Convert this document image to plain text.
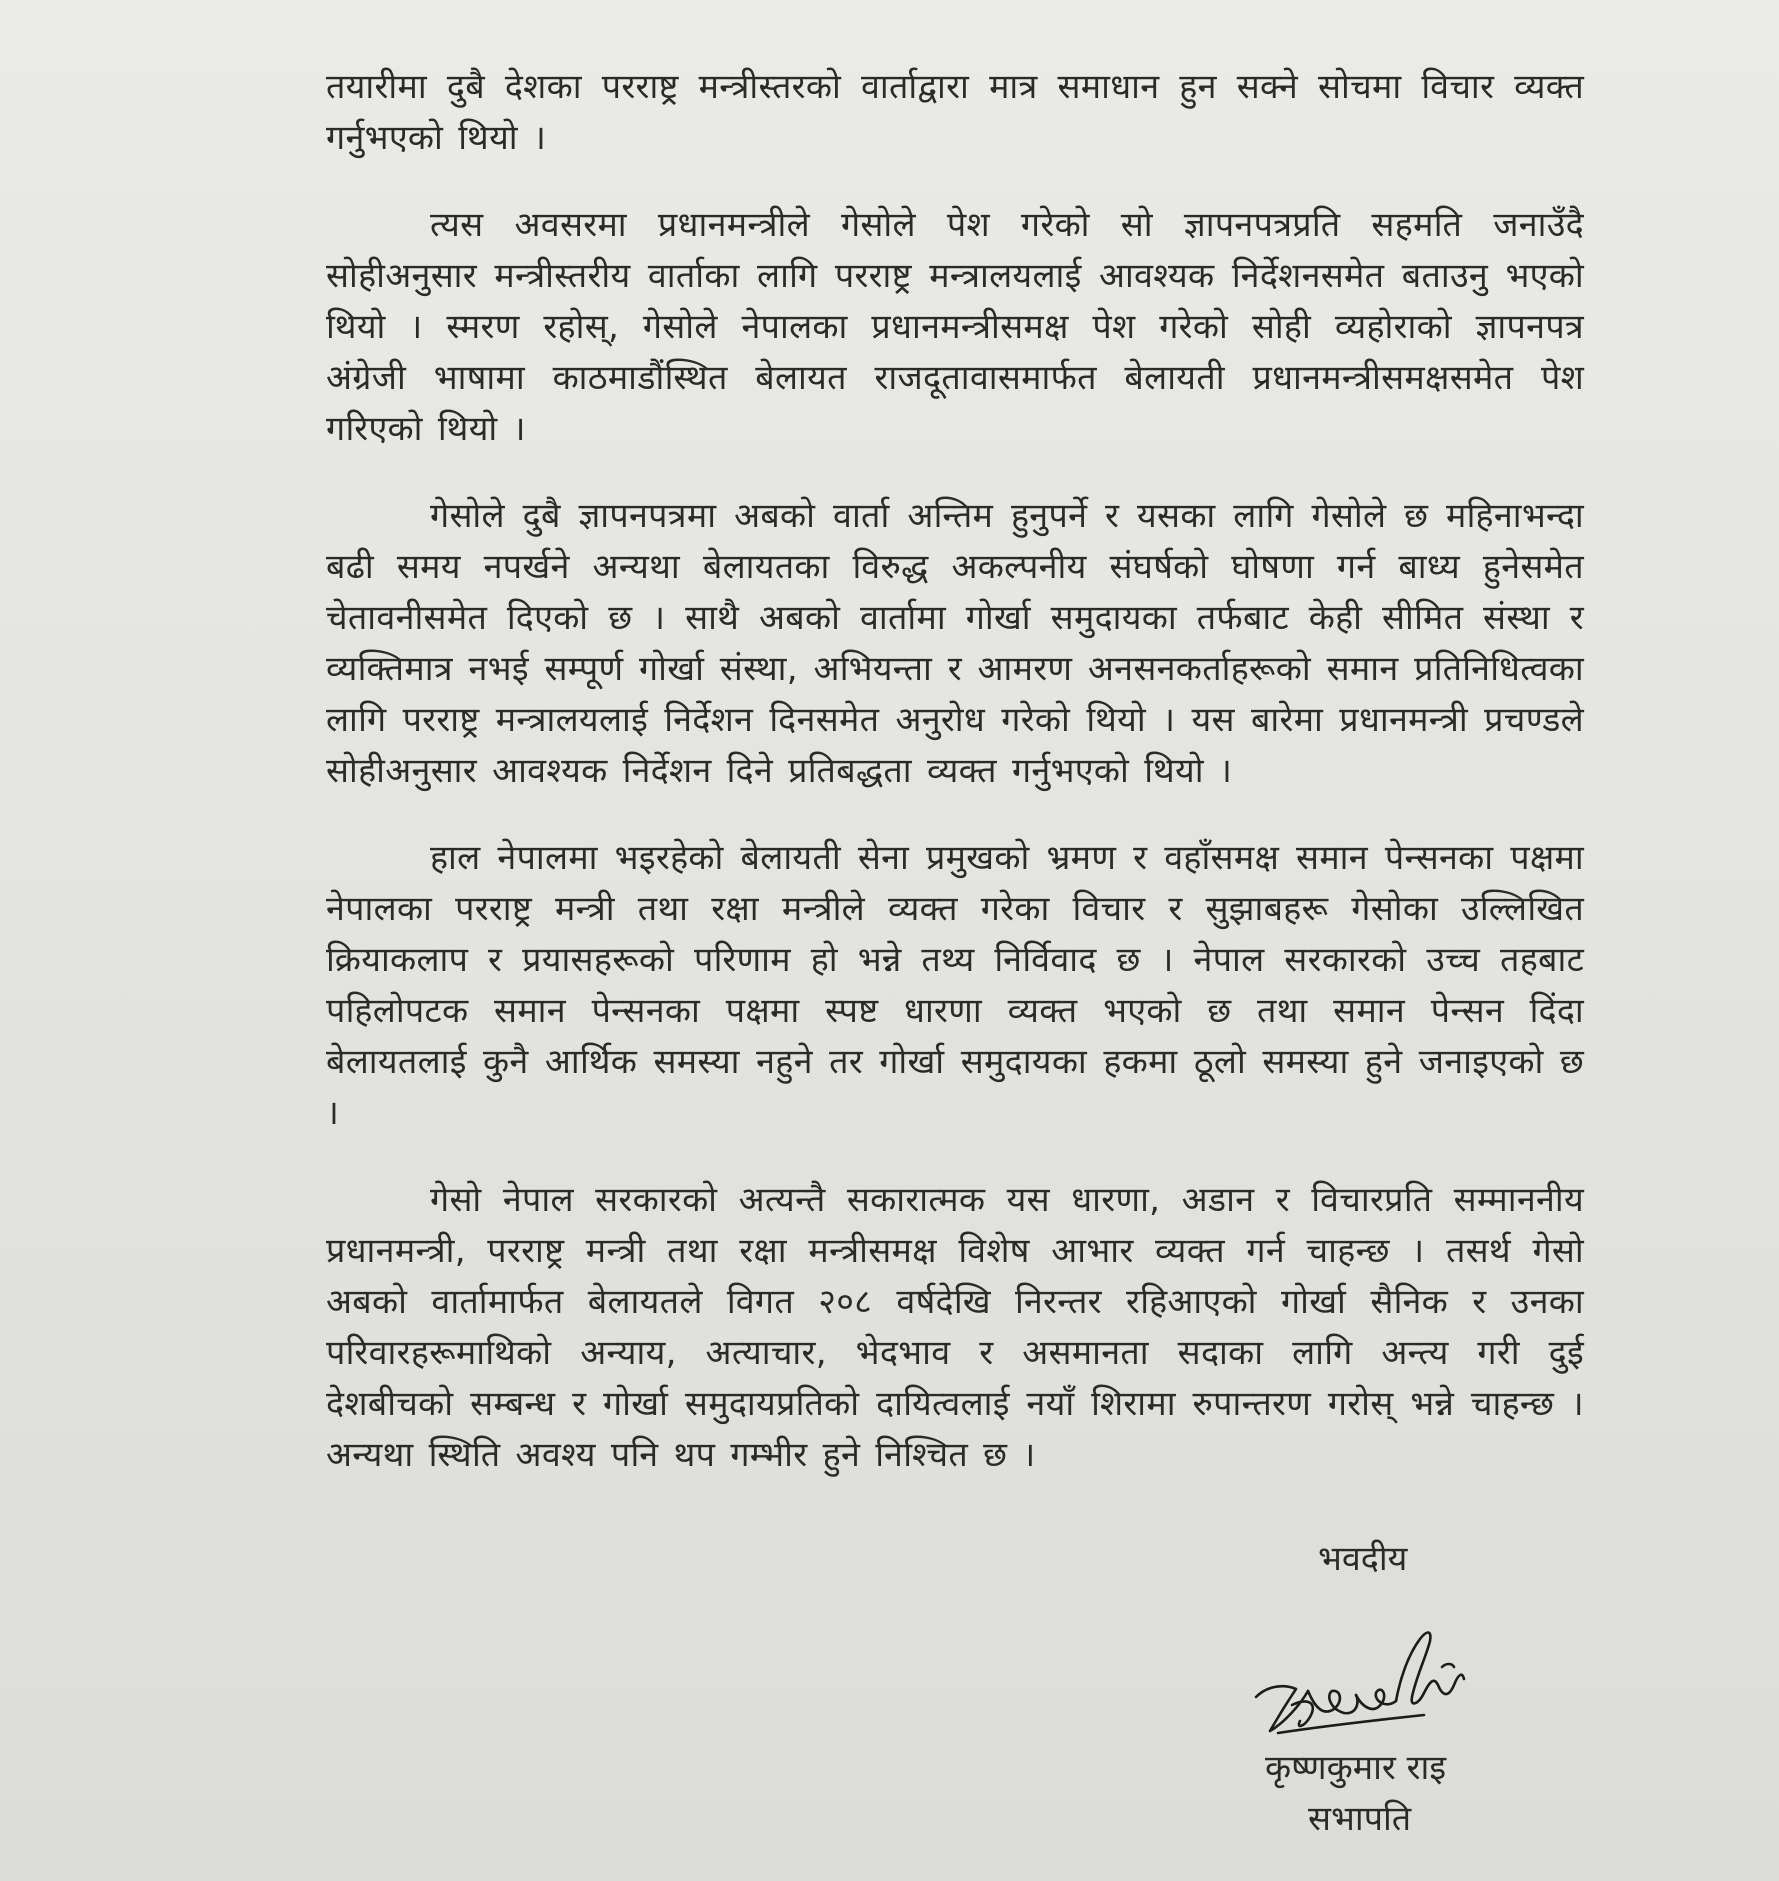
तयारीमा दुबै देशका परराष्ट्र मन्त्रीस्तरको वार्ताद्वारा मात्र समाधान हुन सक्ने सोचमा विचार व्यक्त गर्नुभएको थियो ।

त्यस अवसरमा प्रधानमन्त्रीले गेसोले पेश गरेको सो ज्ञापनपत्रप्रति सहमति जनाउँदै सोहीअनुसार मन्त्रीस्तरीय वार्ताका लागि परराष्ट्र मन्त्रालयलाई आवश्यक निर्देशनसमेत बताउनु भएको थियो । स्मरण रहोस्, गेसोले नेपालका प्रधानमन्त्रीसमक्ष पेश गरेको सोही व्यहोराको ज्ञापनपत्र अंग्रेजी भाषामा काठमाडौंस्थित बेलायत राजदूतावासमार्फत बेलायती प्रधानमन्त्रीसमक्षसमेत पेश गरिएको थियो ।

गेसोले दुबै ज्ञापनपत्रमा अबको वार्ता अन्तिम हुनुपर्ने र यसका लागि गेसोले छ महिनाभन्दा बढी समय नपर्खने अन्यथा बेलायतका विरुद्ध अकल्पनीय संघर्षको घोषणा गर्न बाध्य हुनेसमेत चेतावनीसमेत दिएको छ । साथै अबको वार्तामा गोर्खा समुदायका तर्फबाट केही सीमित संस्था र व्यक्तिमात्र नभई सम्पूर्ण गोर्खा संस्था, अभियन्ता र आमरण अनसनकर्ताहरूको समान प्रतिनिधित्वका लागि परराष्ट्र मन्त्रालयलाई निर्देशन दिनसमेत अनुरोध गरेको थियो । यस बारेमा प्रधानमन्त्री प्रचण्डले सोहीअनुसार आवश्यक निर्देशन दिने प्रतिबद्धता व्यक्त गर्नुभएको थियो ।

हाल नेपालमा भइरहेको बेलायती सेना प्रमुखको भ्रमण र वहाँसमक्ष समान पेन्सनका पक्षमा नेपालका परराष्ट्र मन्त्री तथा रक्षा मन्त्रीले व्यक्त गरेका विचार र सुझाबहरू गेसोका उल्लिखित क्रियाकलाप र प्रयासहरूको परिणाम हो भन्ने तथ्य निर्विवाद छ । नेपाल सरकारको उच्च तहबाट पहिलोपटक समान पेन्सनका पक्षमा स्पष्ट धारणा व्यक्त भएको छ तथा समान पेन्सन दिंदा बेलायतलाई कुनै आर्थिक समस्या नहुने तर गोर्खा समुदायका हकमा ठूलो समस्या हुने जनाइएको छ ।

गेसो नेपाल सरकारको अत्यन्तै सकारात्मक यस धारणा, अडान र विचारप्रति सम्माननीय प्रधानमन्त्री, परराष्ट्र मन्त्री तथा रक्षा मन्त्रीसमक्ष विशेष आभार व्यक्त गर्न चाहन्छ । तसर्थ गेसो अबको वार्तामार्फत बेलायतले विगत २०८ वर्षदेखि निरन्तर रहिआएको गोर्खा सैनिक र उनका परिवारहरूमाथिको अन्याय, अत्याचार, भेदभाव र असमानता सदाका लागि अन्त्य गरी दुई देशबीचको सम्बन्ध र गोर्खा समुदायप्रतिको दायित्वलाई नयाँ शिरामा रुपान्तरण गरोस् भन्ने चाहन्छ । अन्यथा स्थिति अवश्य पनि थप गम्भीर हुने निश्चित छ ।

भवदीय
कृष्णकुमार राइ
सभापति
